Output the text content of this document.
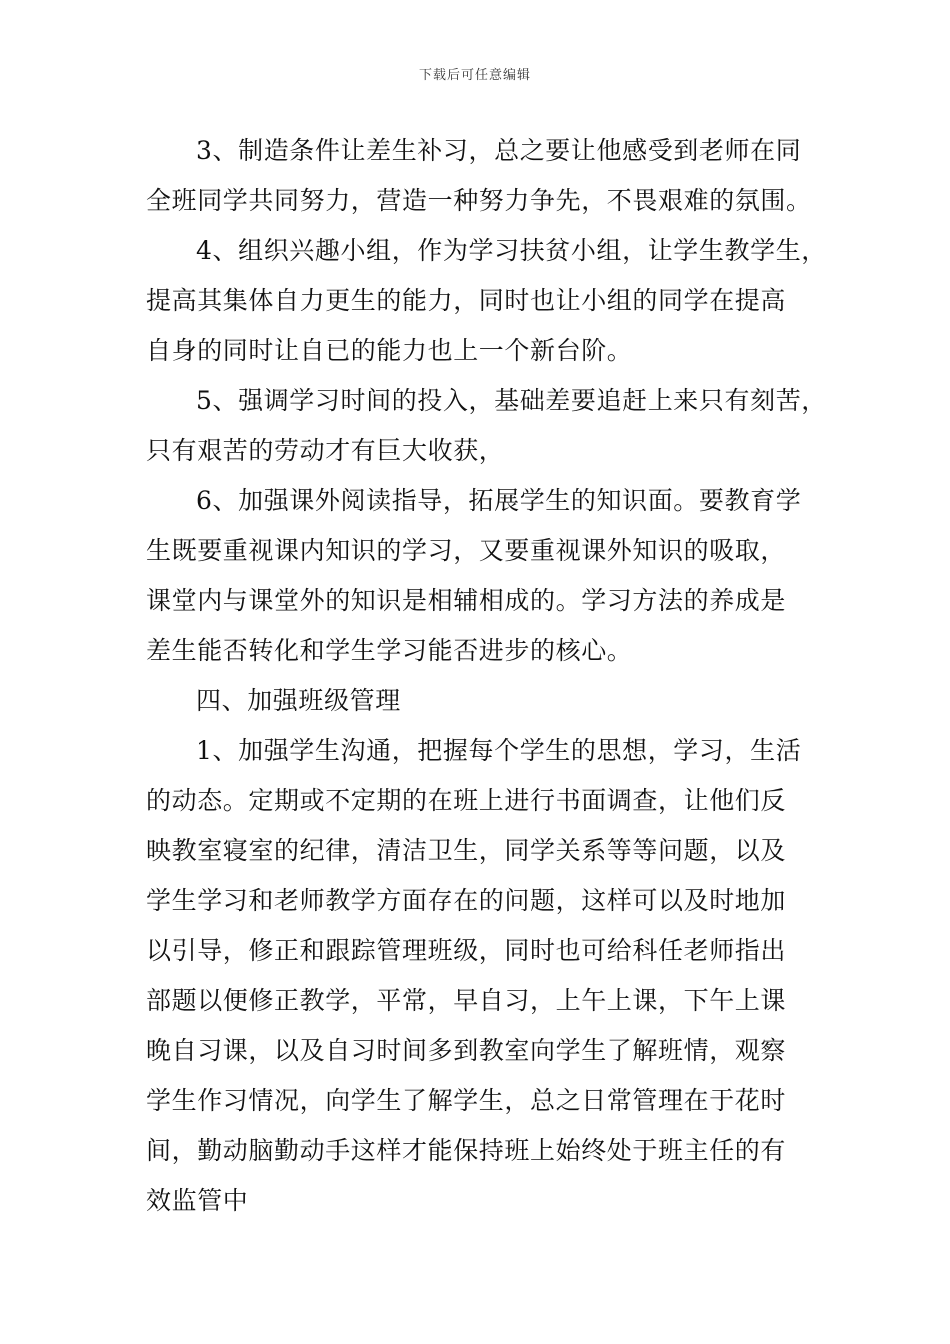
下载后可任意编辑
3、制造条件让差生补习，总之要让他感受到老师在同
全班同学共同努力，营造一种努力争先，不畏艰难的氛围。
4、组织兴趣小组，作为学习扶贫小组，让学生教学生，
提高其集体自力更生的能力，同时也让小组的同学在提高
自身的同时让自已的能力也上一个新台阶。
5、强调学习时间的投入，基础差要追赶上来只有刻苦，
只有艰苦的劳动才有巨大收获，
6、加强课外阅读指导，拓展学生的知识面。要教育学
生既要重视课内知识的学习，又要重视课外知识的吸取，
课堂内与课堂外的知识是相辅相成的。学习方法的养成是
差生能否转化和学生学习能否进步的核心。
四、加强班级管理
1、加强学生沟通，把握每个学生的思想，学习，生活
的动态。定期或不定期的在班上进行书面调查，让他们反
映教室寝室的纪律，清洁卫生，同学关系等等问题，以及
学生学习和老师教学方面存在的问题，这样可以及时地加
以引导，修正和跟踪管理班级，同时也可给科任老师指出
部题以便修正教学，平常，早自习，上午上课，下午上课
晚自习课，以及自习时间多到教室向学生了解班情，观察
学生作习情况，向学生了解学生，总之日常管理在于花时
间，勤动脑勤动手这样才能保持班上始终处于班主任的有
效监管中
